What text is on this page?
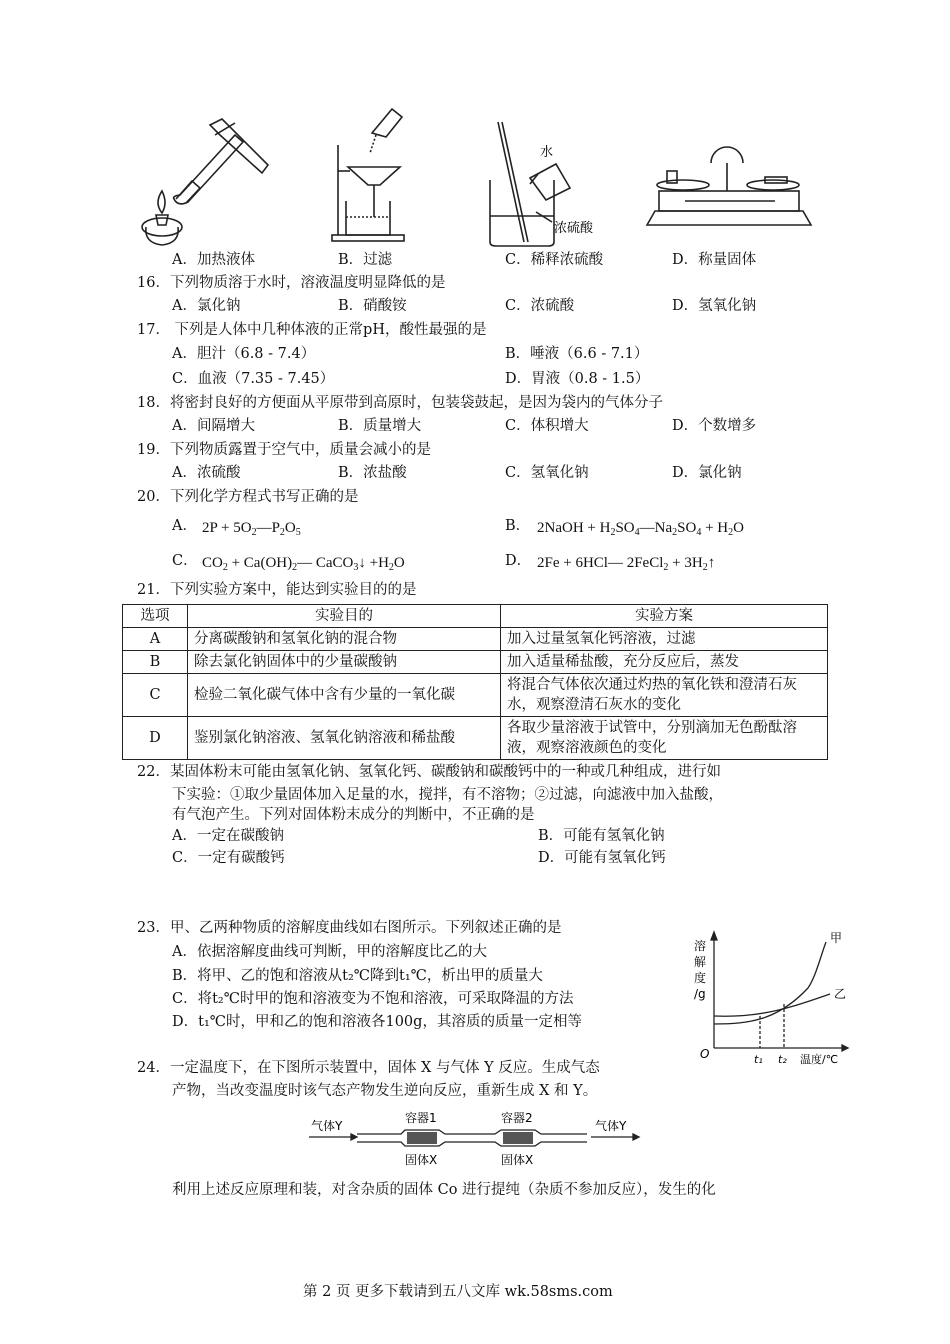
水
浓硫酸
A．加热液体	B．过滤	C．稀释浓硫酸	D．称量固体
16．下列物质溶于水时，溶液温度明显降低的是
A．氯化钠	B．硝酸铵	C．浓硫酸	D．氢氧化钠
17． 下列是人体中几种体液的正常pH，酸性最强的是
A．胆汁（6.8 - 7.4）	B．唾液（6.6 - 7.1）
C．血液（7.35 - 7.45）	D．胃液（0.8 - 1.5）
18．将密封良好的方便面从平原带到高原时，包装袋鼓起，是因为袋内的气体分子
A．间隔增大	B．质量增大	C．体积增大	D．个数增多
19．下列物质露置于空气中，质量会减小的是
A．浓硫酸	B．浓盐酸	C．氢氧化钠	D．氯化钠
20．下列化学方程式书写正确的是
A． $2P + 5O_2—P_2O_5$	B． 2NaOH + $H_2SO_4—Na_2SO_4 + H_2O$
C． $CO_2$ + $Ca(OH)_2—$ CaCO$_3$↓ $+H_2O$	D． 2Fe + 6HCl— 2FeCl$_2$ + $3H_2↑$
21．下列实验方案中，能达到实验目的的是
选项	实验目的	实验方案
A	分离碳酸钠和氢氧化钠的混合物	加入过量氢氧化钙溶液，过滤
B	除去氯化钠固体中的少量碳酸钠	加入适量稀盐酸，充分反应后，蒸发
C	检验二氧化碳气体中含有少量的一氧化碳	将混合气体依次通过灼热的氧化铁和澄清石灰水，观察澄清石灰水的变化
D	鉴别氯化钠溶液、氢氧化钠溶液和稀盐酸	各取少量溶液于试管中，分别滴加无色酚酞溶液，观察溶液颜色的变化
22．某固体粉末可能由氢氧化钠、氢氧化钙、碳酸钠和碳酸钙中的一种或几种组成，进行如
下实验：①取少量固体加入足量的水，搅拌，有不溶物；②过滤，向滤液中加入盐酸，
有气泡产生。下列对固体粉末成分的判断中，不正确的是
A．一定在碳酸钠	B．可能有氢氧化钠
C．一定有碳酸钙	D．可能有氢氧化钙
23．甲、乙两种物质的溶解度曲线如右图所示。下列叙述正确的是
A．依据溶解度曲线可判断，甲的溶解度比乙的大
B．将甲、乙的饱和溶液从t₂℃降到t₁℃，析出甲的质量大
C．将t₂℃时甲的饱和溶液变为不饱和溶液，可采取降温的方法
D．t₁℃时，甲和乙的饱和溶液各100g，其溶质的质量一定相等
溶
解
度
/g
O	t₁ t₂ 温度/℃
甲
乙
24．一定温度下，在下图所示装置中，固体 X 与气体 Y 反应。生成气态
产物，当改变温度时该气态产物发生逆向反应，重新生成 X 和 Y。
气体Y	气体Y
容器1	容器2
固体X	固体X
利用上述反应原理和装，对含杂质的固体 Co 进行提纯（杂质不参加反应），发生的化
第 2 页 更多下载请到五八文库 wk.58sms.com
